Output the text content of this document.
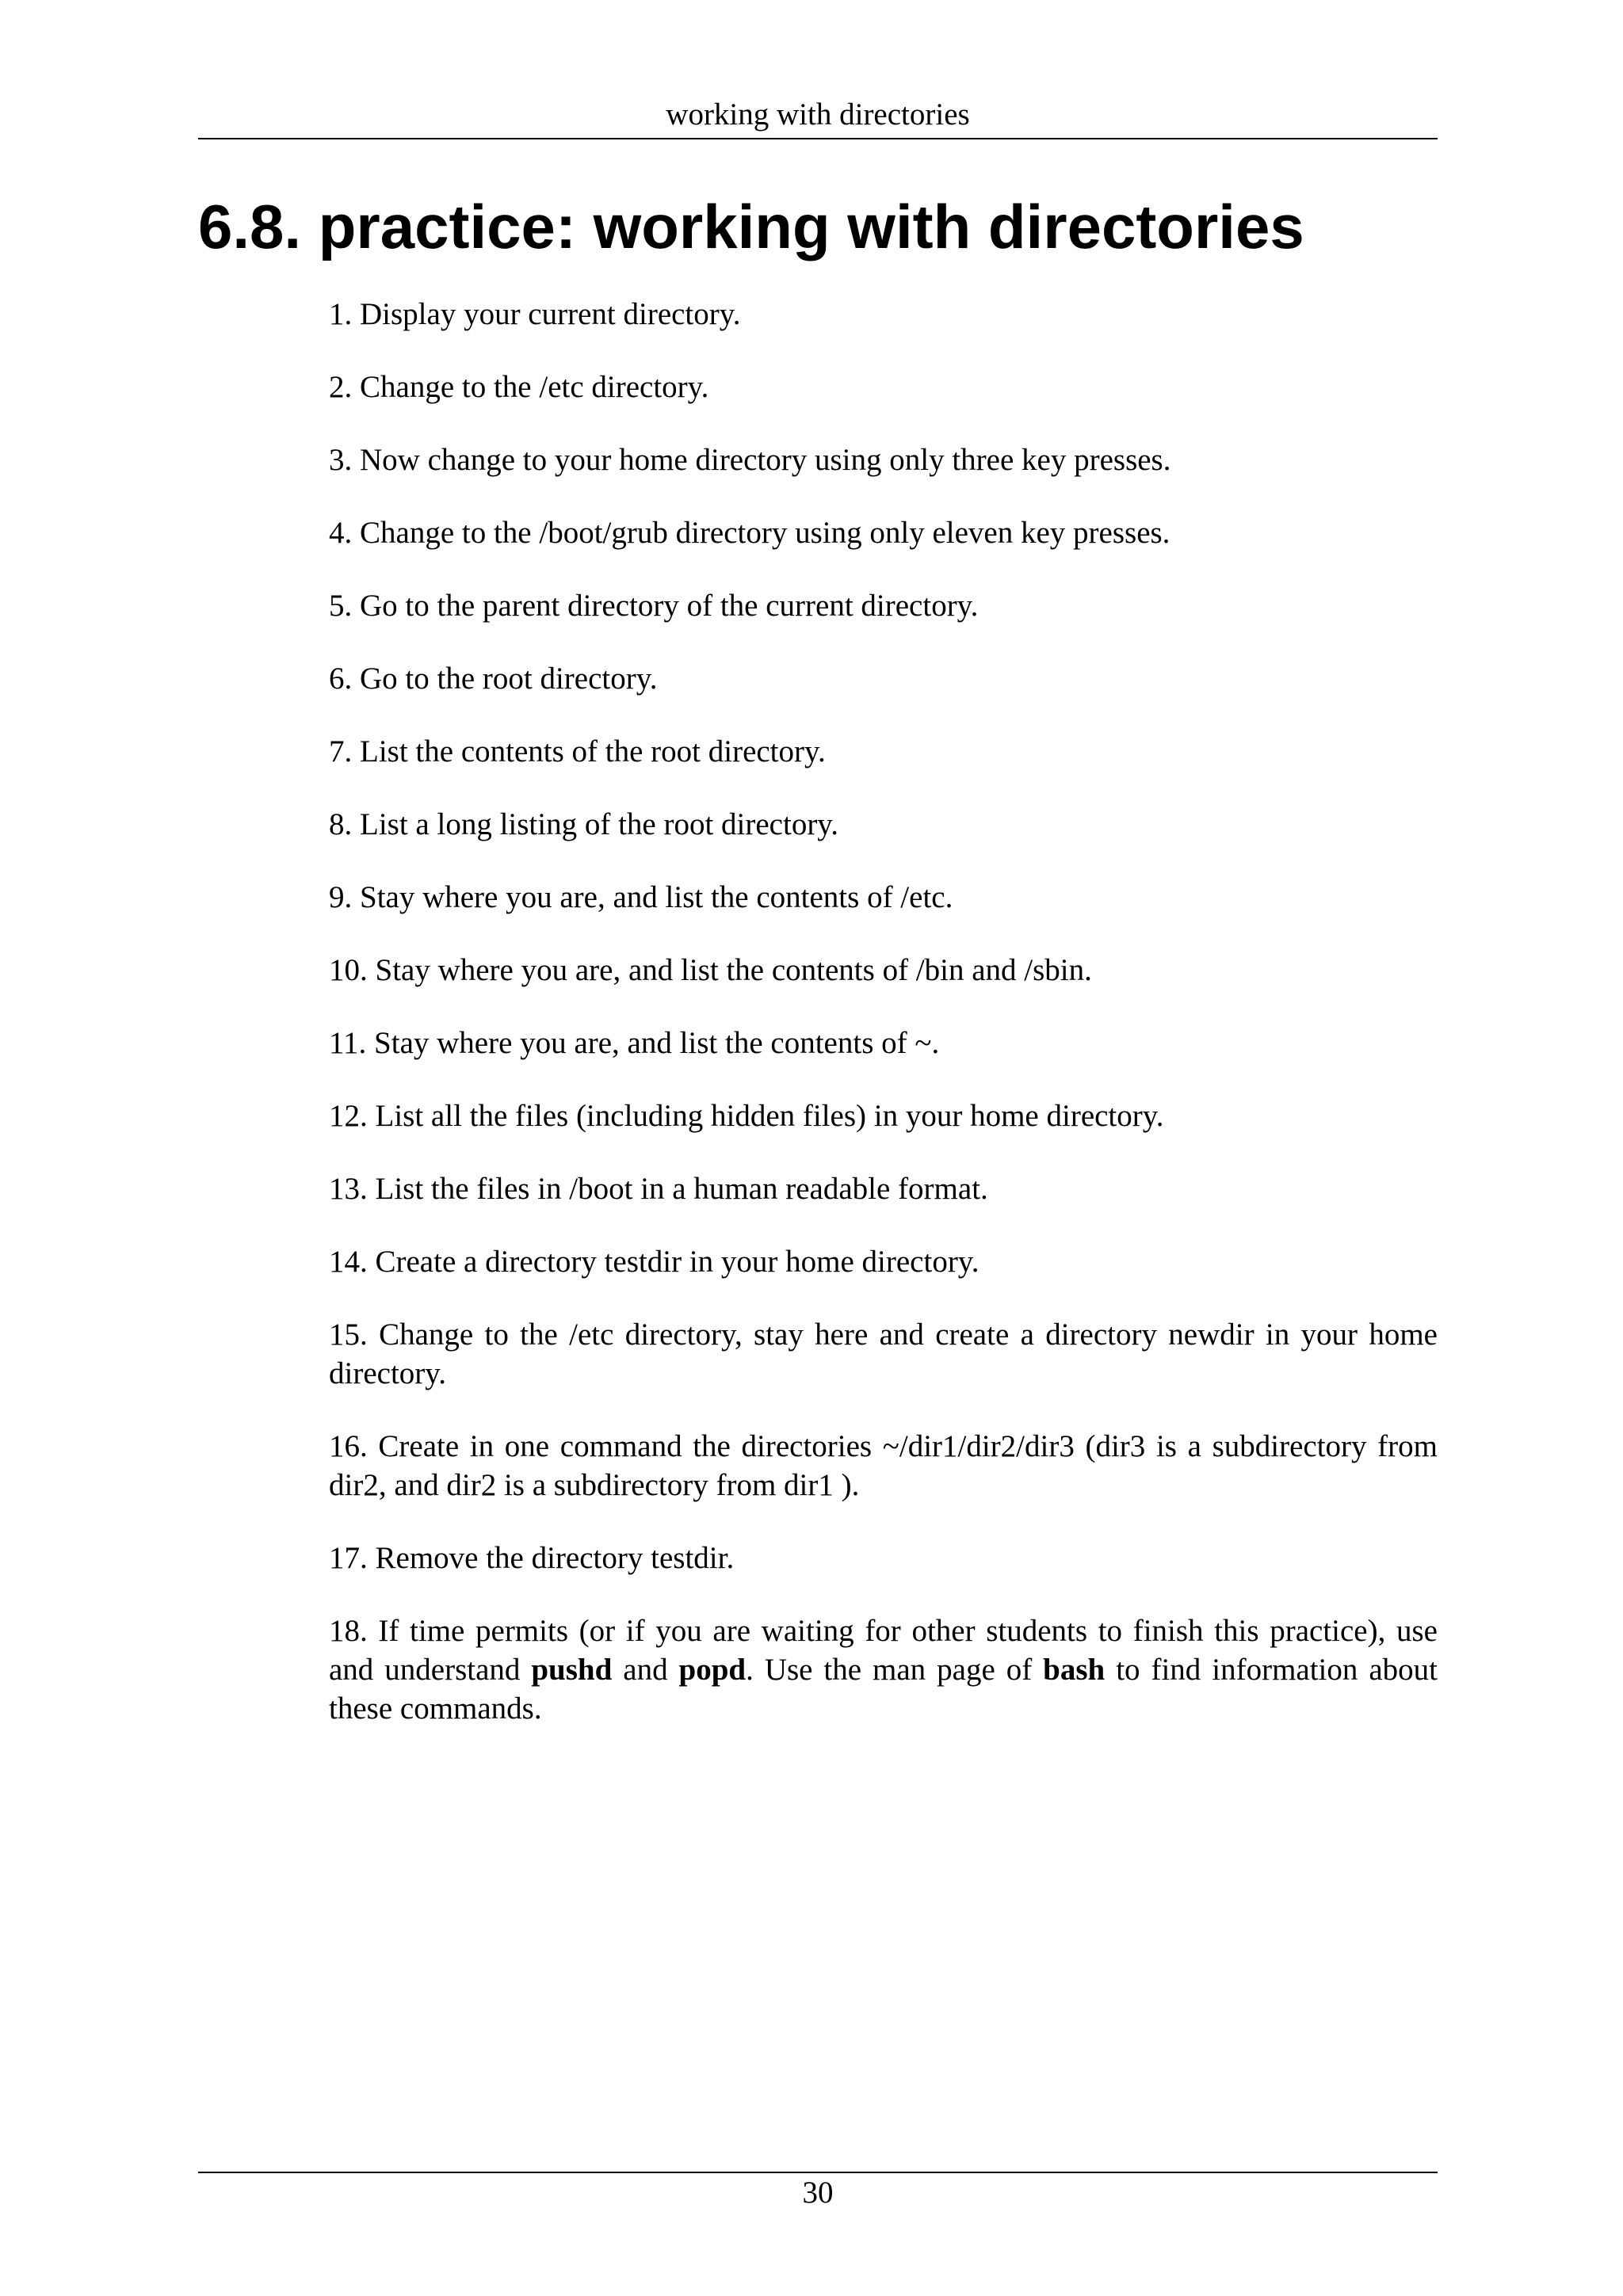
working with directories
6.8. practice: working with directories
1. Display your current directory.
2. Change to the /etc directory.
3. Now change to your home directory using only three key presses.
4. Change to the /boot/grub directory using only eleven key presses.
5. Go to the parent directory of the current directory.
6. Go to the root directory.
7. List the contents of the root directory.
8. List a long listing of the root directory.
9. Stay where you are, and list the contents of /etc.
10. Stay where you are, and list the contents of /bin and /sbin.
11. Stay where you are, and list the contents of ~.
12. List all the files (including hidden files) in your home directory.
13. List the files in /boot in a human readable format.
14. Create a directory testdir in your home directory.
15. Change to the /etc directory, stay here and create a directory newdir in your home directory.
16. Create in one command the directories ~/dir1/dir2/dir3 (dir3 is a subdirectory from dir2, and dir2 is a subdirectory from dir1 ).
17. Remove the directory testdir.
18. If time permits (or if you are waiting for other students to finish this practice), use and understand pushd and popd. Use the man page of bash to find information about these commands.
30
